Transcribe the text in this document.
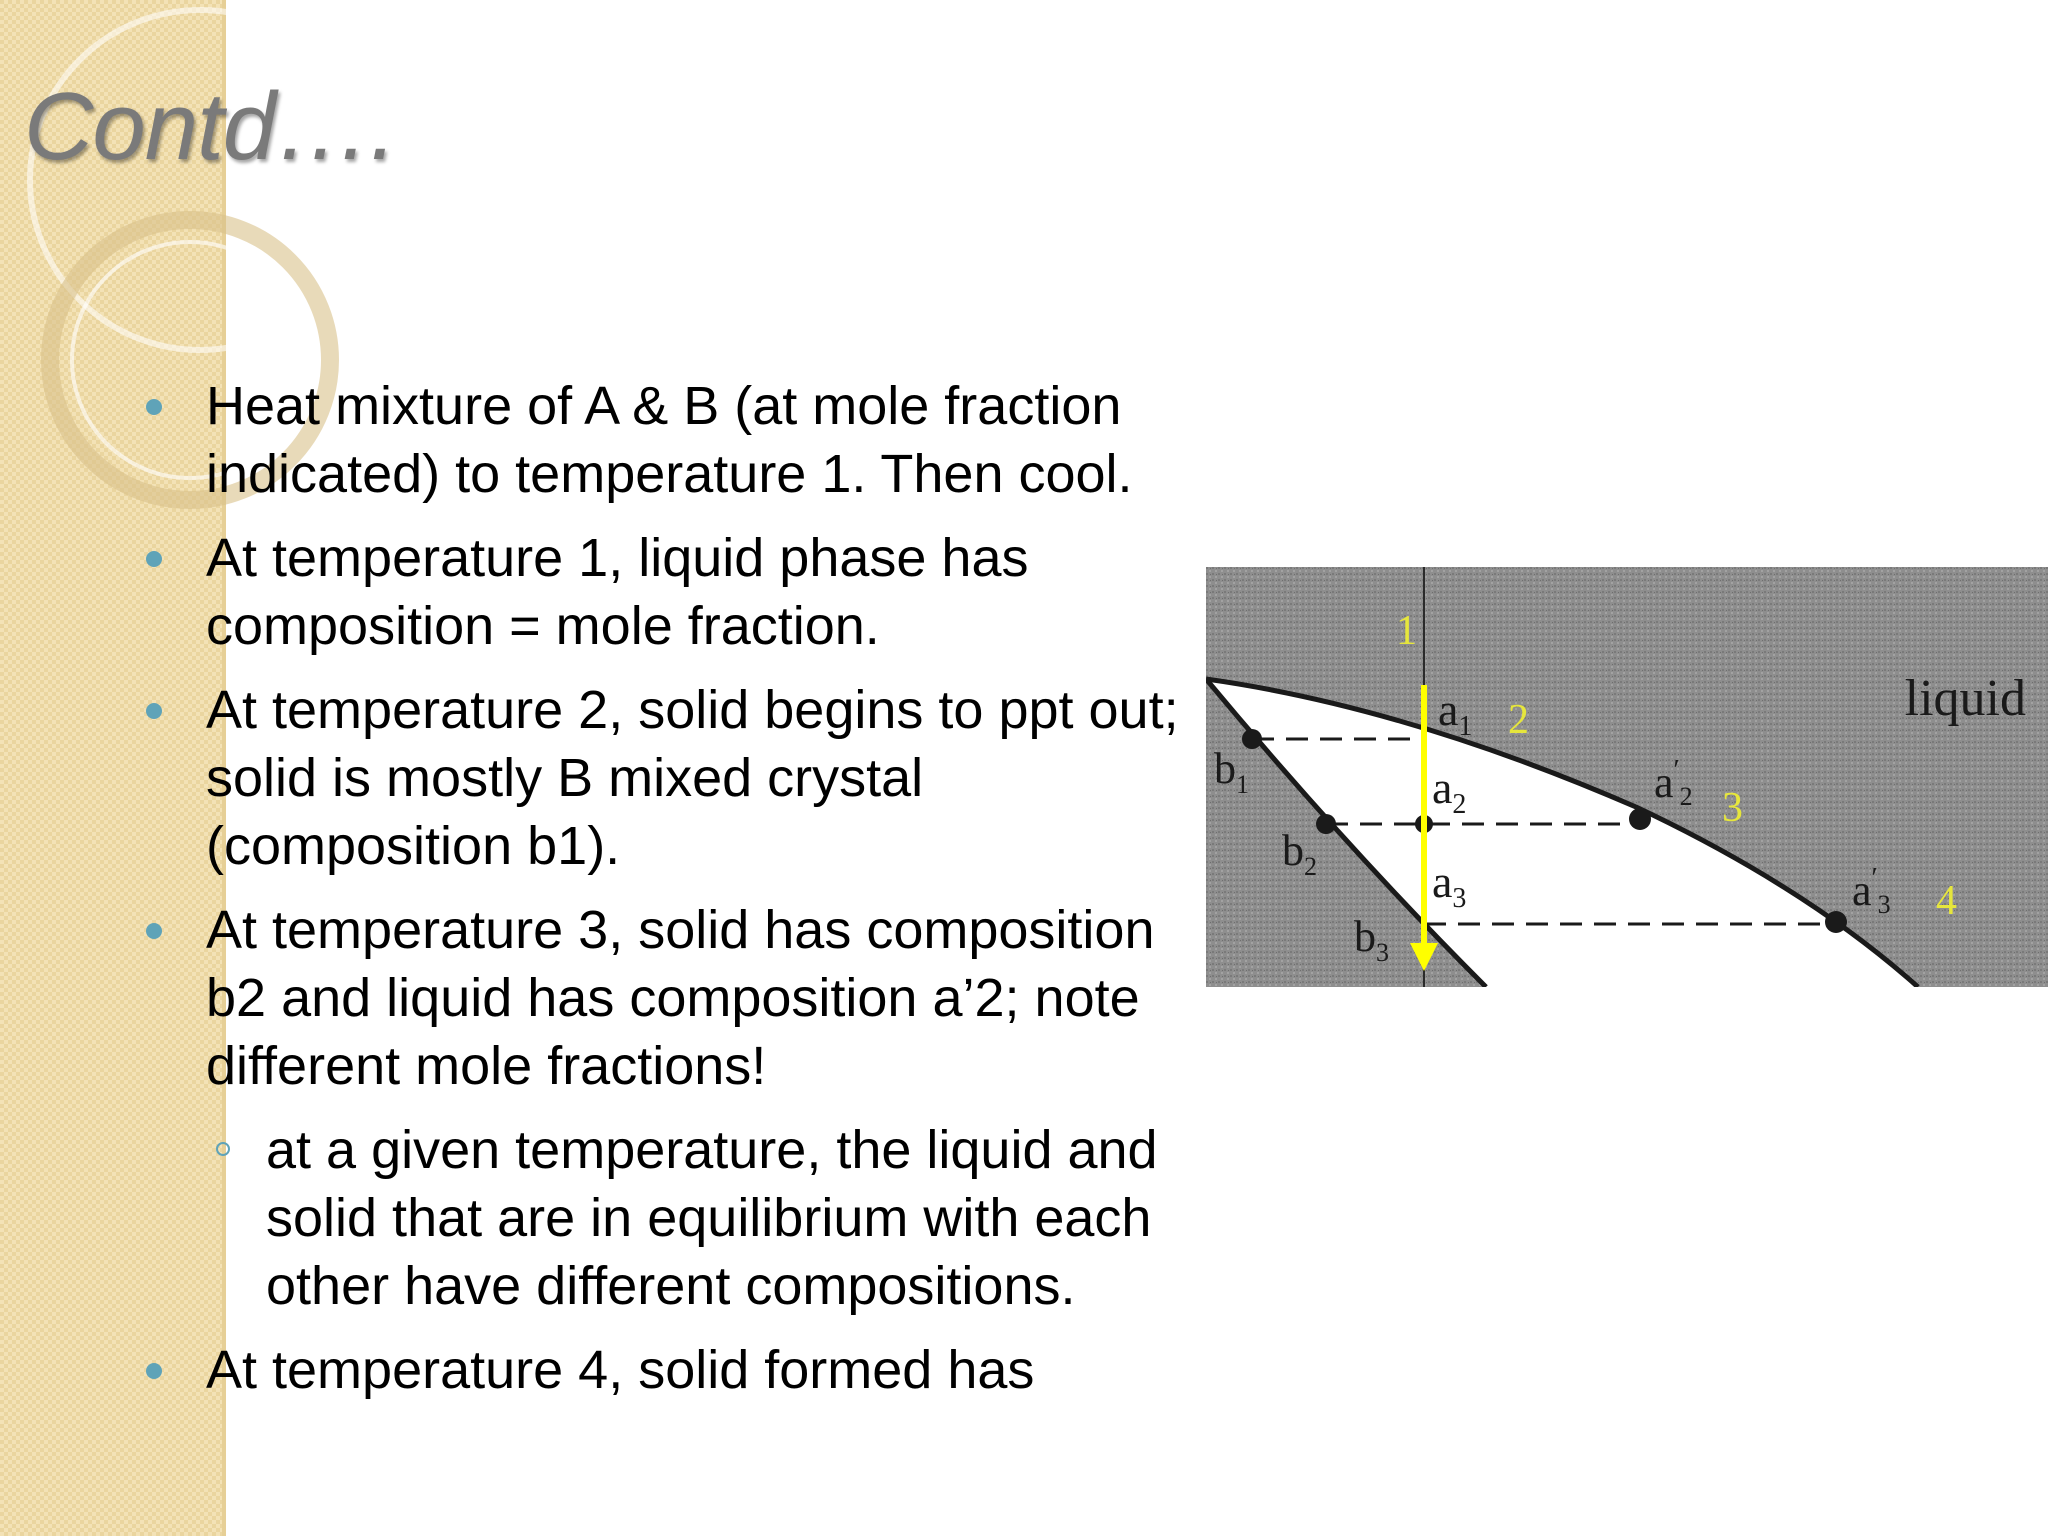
Contd….
Heat mixture of A & B (at mole fraction indicated) to temperature 1. Then cool.
At temperature 1, liquid phase has composition = mole fraction.
At temperature 2, solid begins to ppt out; solid is mostly B mixed crystal (composition b1).
At temperature 3, solid has composition b2 and liquid has composition a’2; note different mole fractions!
at a given temperature, the liquid and solid that are in equilibrium with each other have different compositions.
At temperature 4, solid formed has
liquid
1
2
3
4
$a_1$
$a_2$
$a_3$
$b_1$
$b_2$
$b_3$
$a'_2$
$a'_3$
